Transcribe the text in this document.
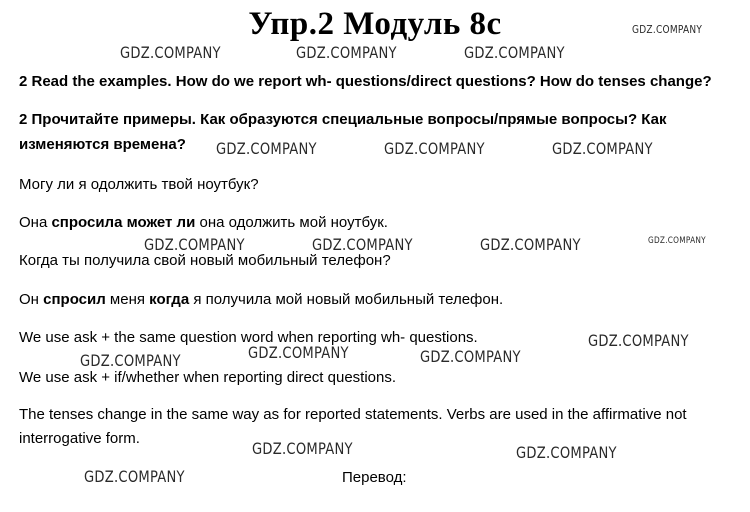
Упр.2 Модуль 8с
2 Read the examples. How do we report wh- questions/direct questions? How do tenses change?
2 Прочитайте примеры. Как образуются специальные вопросы/прямые вопросы? Как
изменяются времена?
Могу ли я одолжить твой ноутбук?
Она спросила может ли она одолжить мой ноутбук.
Когда ты получила свой новый мобильный телефон?
Он спросил меня когда я получила мой новый мобильный телефон.
We use ask + the same question word when reporting wh- questions.
We use ask + if/whether when reporting direct questions.
The tenses change in the same way as for reported statements. Verbs are used in the affirmative not
interrogative form.
Перевод:
GDZ.COMPANY
GDZ.COMPANY	GDZ.COMPANY	GDZ.COMPANY
GDZ.COMPANY	GDZ.COMPANY	GDZ.COMPANY
GDZ.COMPANY	GDZ.COMPANY	GDZ.COMPANY	GDZ.COMPANY
GDZ.COMPANY
GDZ.COMPANY
GDZ.COMPANY	GDZ.COMPANY
GDZ.COMPANY	GDZ.COMPANY
GDZ.COMPANY
